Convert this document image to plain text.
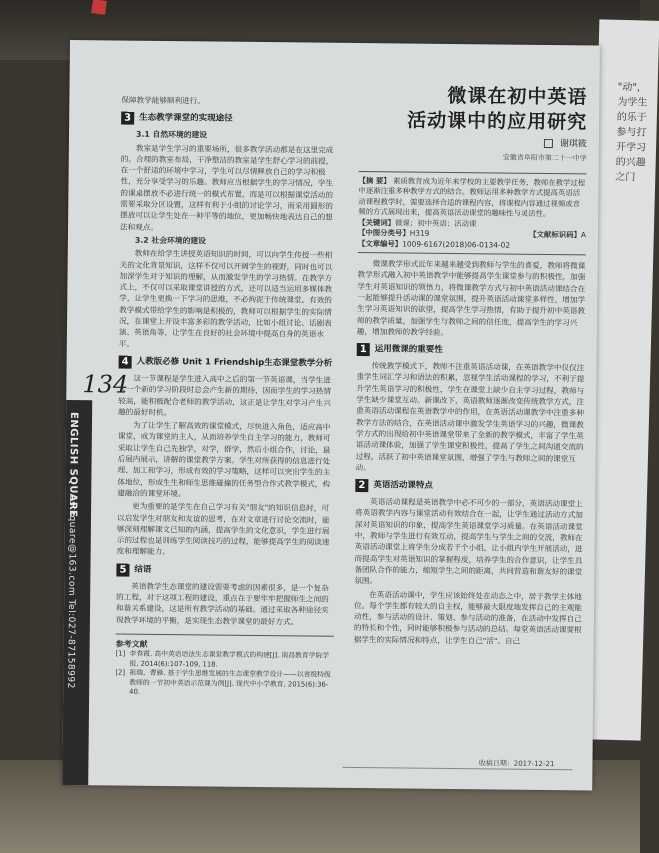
"动"，为学生的乐于参与打开学习的兴趣之门
134
ENGLISH SQUARE
estsquare@163.com Tel:027-87158992

保障教学能够顺利进行。

3 生态教学课堂的实现途径
3.1 自然环境的建设

教室是学生学习的重要场所，很多教学活动都是在这里完成的。合理的教室布局，干净整洁的教室是学生舒心学习的前提，在一个舒适的环境中学习，学生可以尽情释放自己的学习积极性，充分享受学习的乐趣。教师应当根据学生的学习情况，学生的课桌摆放不必进行统一的模式布置，而是可以根据课堂活动的需要采取分区设置，这样有利于小组的讨论学习，而采用圆形的摆放可以让学生处在一种平等的地位，更加畅快地表达自己的想法和观点。

3.2 社会环境的建设

教师在给学生讲授英语知识的时间，可以向学生传授一些相关的文化背景知识，这样不仅可以开阔学生的视野，同时也可以加深学生对于知识的理解，从而激发学生的学习热情。在教学方式上，不仅可以采取课堂讲授的方式，还可以适当运用多媒体教学，让学生更换一下学习的思维，不必拘泥于传统课堂。有效的教学模式带给学生的影响是积极的，教师可以根据学生的实际情况，在课堂上开设丰富多彩的教学活动，比如小组讨论、话剧表演、英语角等，让学生在良好的社会环境中提高自身的英语水平。

4 人教版必修 Unit 1 Friendship生态课堂教学分析

这一节课程是学生进入高中之后的第一节英语课，当学生进入一个新的学习阶段时总会产生新的期待，因而学生的学习热情较高，能积极配合老师的教学活动，这正是让学生对学习产生兴趣的最好时机。

为了让学生了解高效的课堂模式，尽快进入角色，适应高中课堂，成为课堂的主人，从而培养学生自主学习的能力，教师可采取让学生自己先独学，对学，群学，然后小组合作，讨论，最后展内展示，讲解的课堂教学方案。学生对所获得的信息进行处理、加工和学习，形成有效的学习策略，这样可以突出学生的主体地位，形成生生和师生思维碰撞的任务型合作式教学模式，构建融洽的课堂环境。

更为重要的是学生在自己学习有关"朋友"的知识信息时，可以启发学生对朋友和友谊的思考，在对文章进行讨论交流时，能够深刻理解课文已知的内涵，提高学生的文化意识，学生进行展示的过程也是训练学生阅读技巧的过程，能够提高学生的阅读速度和理解能力。

5 结语

英语教学生态课堂的建设需要考虑的因素很多，是一个复杂的工程，对于这项工程的建设，重点在于要牢牢把握师生之间的和谐关系建设，这是所有教学活动的基础。通过采取各种途径实现教学环境的平衡，是实现生态教学课堂的最好方式。

参考文献
[1] 李春霞. 高中英语语法生态课堂教学模式的构建[J]. 南昌教育学院学报, 2014(6):107-109, 118.
[2] 祖瑞，曹雁. 基于学生思维发展的生态课堂教学设计——以省级特级教师的一节初中英语示范课为例[J]. 现代中小学教育, 2015(6):36-40.
微课在初中英语
活动课中的应用研究
谢琪筱
安徽省阜阳市第二十一中学
【摘 要】 素质教育成为近年来学校的主要教学任务，教师在教学过程中逐渐注重多种教学方式的结合。教师运用多种教学方式提高英语活动课程教学时，需要选择合适的课程内容，将课程内容通过视频或音频的方式展现出来，提高英语活动课堂的趣味性与灵活性。
【关键词】微课；初中英语；活动课
【中图分类号】H319	【文献标识码】A
【文章编号】1009-6167(2018)06-0134-02

微课教学形式近年来越来越受到教师与学生的喜爱，教师将微课教学形式融入初中英语教学中能够提高学生课堂参与的积极性，加强学生对英语知识的领悟力，将微课教学方式与初中英语活动课结合在一起能够提升活动课的课堂氛围，提升英语活动课堂多样性，增加学生学习英语知识的欲望，提高学生学习热情，有助于提升初中英语教师的教学质量，加强学生与教师之间的信任度，提高学生的学习兴趣，增加教师的教学经验。

1 运用微课的重要性

传统教学模式下，教师不注重英语活动课，在英语教学中仅仅注重学生词汇学习和语法的积累，忽视学生活动课程的学习，不利于提升学生英语学习的积极性，学生在课堂上缺少自主学习过程，教师与学生缺少课堂互动。新课改下，英语教师逐渐改变传统教学方式，注重英语活动课程在英语教学中的作用，在英语活动课教学中注重多种教学方法的结合，在英语活动课中激发学生英语学习的兴趣，微课教学方式的出现给初中英语课堂带来了全新的教学模式，丰富了学生英语活动课体验，加强了学生课堂积极性，提高了学生之间沟通交流的过程，活跃了初中英语课堂氛围，增强了学生与教师之间的课堂互动。

2 英语活动课特点

英语活动课程是英语教学中必不可少的一部分，英语活动课堂上将英语教学内容与课堂活动有效结合在一起，让学生通过活动方式加深对英语知识的印象，提高学生英语课堂学习质量。在英语活动课堂中，教师与学生进行有效互动，提高学生与学生之间的交流，教师在英语活动课堂上将学生分成若干个小组，让小组内学生开展活动，进而提高学生对英语知识的掌握程度，培养学生的合作意识，让学生具备团队合作的能力，缩短学生之间的距离，共同营造和谐友好的课堂氛围。

在英语活动课中，学生应该始终处在动态之中，居于教学主体地位。每个学生都有较大的自主权，能够最大限度地发挥自己的主观能动性，参与活动的设计、策划、参与活动的准备，在活动中发挥自己的特长和个性，同时能够积极参与活动的总结。每堂英语活动课要根据学生的实际情况和特点，让学生自己"活"、自己

收稿日期：2017-12-21
